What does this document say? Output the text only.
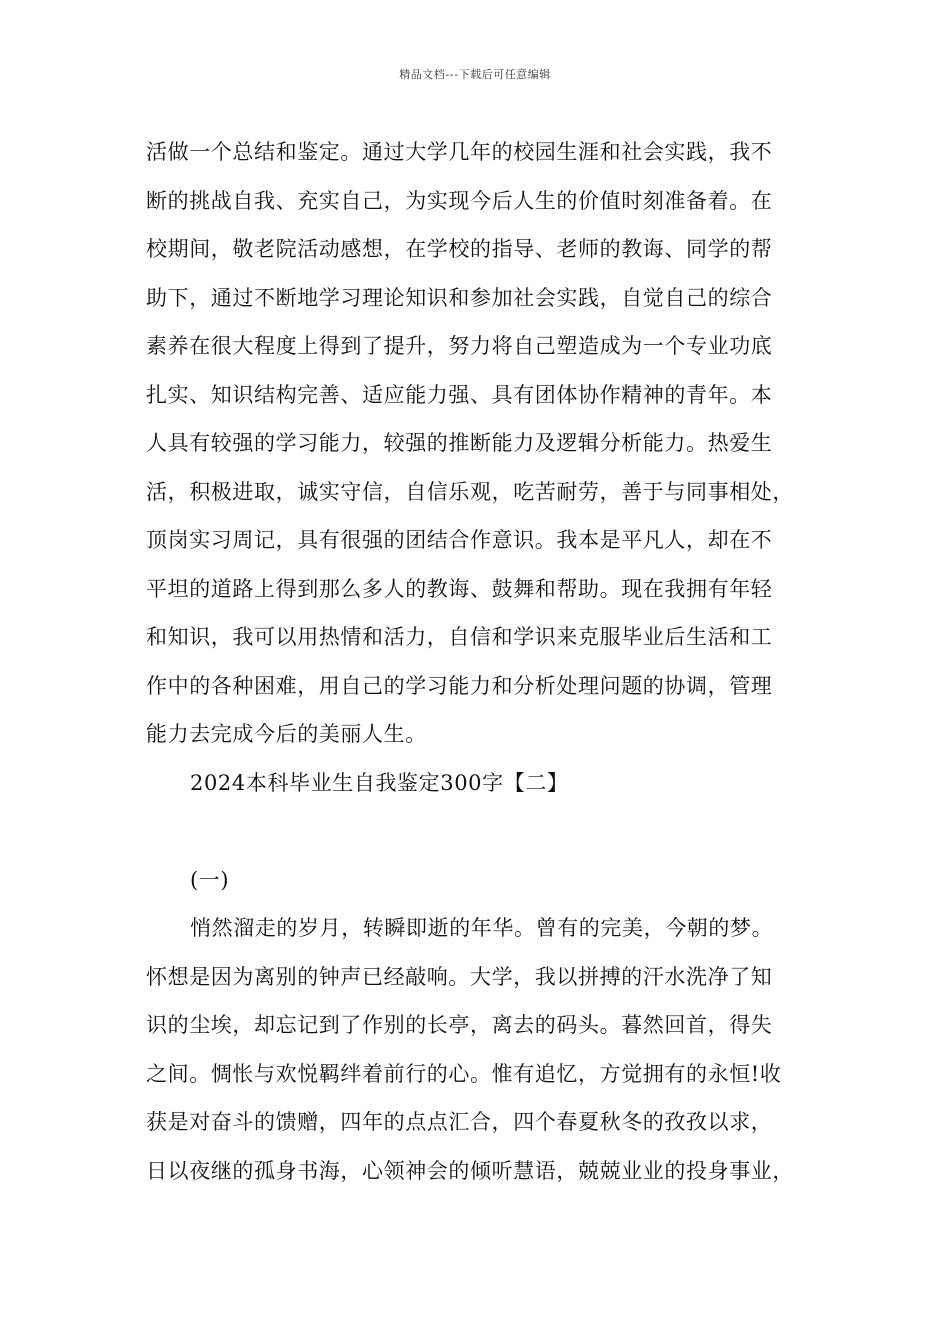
精品文档---下载后可任意编辑
活做一个总结和鉴定。通过大学几年的校园生涯和社会实践，我不
断的挑战自我、充实自己，为实现今后人生的价值时刻准备着。在
校期间，敬老院活动感想，在学校的指导、老师的教诲、同学的帮
助下，通过不断地学习理论知识和参加社会实践，自觉自己的综合
素养在很大程度上得到了提升，努力将自己塑造成为一个专业功底
扎实、知识结构完善、适应能力强、具有团体协作精神的青年。本
人具有较强的学习能力，较强的推断能力及逻辑分析能力。热爱生
活，积极进取，诚实守信，自信乐观，吃苦耐劳，善于与同事相处，
顶岗实习周记，具有很强的团结合作意识。我本是平凡人，却在不
平坦的道路上得到那么多人的教诲、鼓舞和帮助。现在我拥有年轻
和知识，我可以用热情和活力，自信和学识来克服毕业后生活和工
作中的各种困难，用自己的学习能力和分析处理问题的协调，管理
能力去完成今后的美丽人生。
2024本科毕业生自我鉴定300字【二】
(一)
悄然溜走的岁月，转瞬即逝的年华。曾有的完美，今朝的梦。
怀想是因为离别的钟声已经敲响。大学，我以拼搏的汗水洗净了知
识的尘埃，却忘记到了作别的长亭，离去的码头。暮然回首，得失
之间。惆怅与欢悦羁绊着前行的心。惟有追忆，方觉拥有的永恒!收
获是对奋斗的馈赠，四年的点点汇合，四个春夏秋冬的孜孜以求，
日以夜继的孤身书海，心领神会的倾听慧语，兢兢业业的投身事业，
